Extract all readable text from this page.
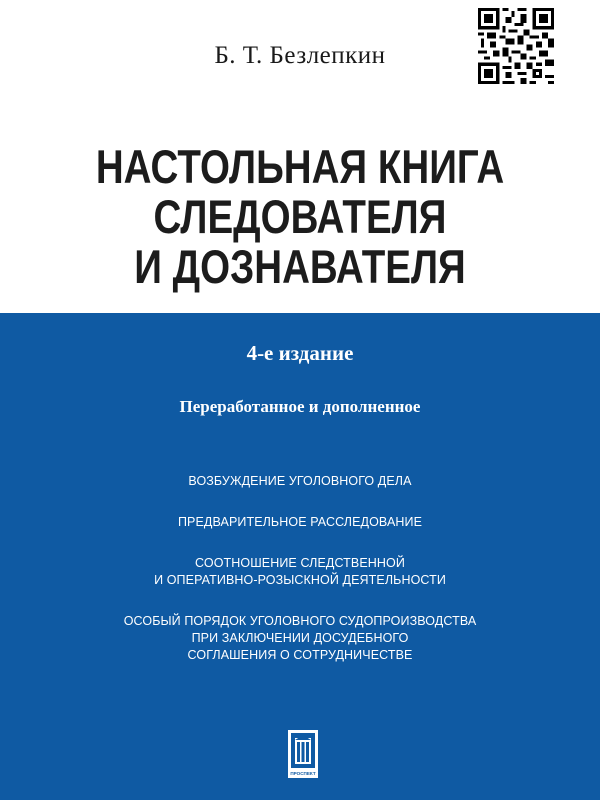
Б. Т. Безлепкин
НАСТОЛЬНАЯ КНИГА
СЛЕДОВАТЕЛЯ
И ДОЗНАВАТЕЛЯ
4-е издание
Переработанное и дополненное
ВОЗБУЖДЕНИЕ УГОЛОВНОГО ДЕЛА
ПРЕДВАРИТЕЛЬНОЕ РАССЛЕДОВАНИЕ
СООТНОШЕНИЕ СЛЕДСТВЕННОЙ
И ОПЕРАТИВНО-РОЗЫСКНОЙ ДЕЯТЕЛЬНОСТИ
ОСОБЫЙ ПОРЯДОК УГОЛОВНОГО СУДОПРОИЗВОДСТВА
ПРИ ЗАКЛЮЧЕНИИ ДОСУДЕБНОГО
СОГЛАШЕНИЯ О СОТРУДНИЧЕСТВЕ
ПРОСПЕКТ
